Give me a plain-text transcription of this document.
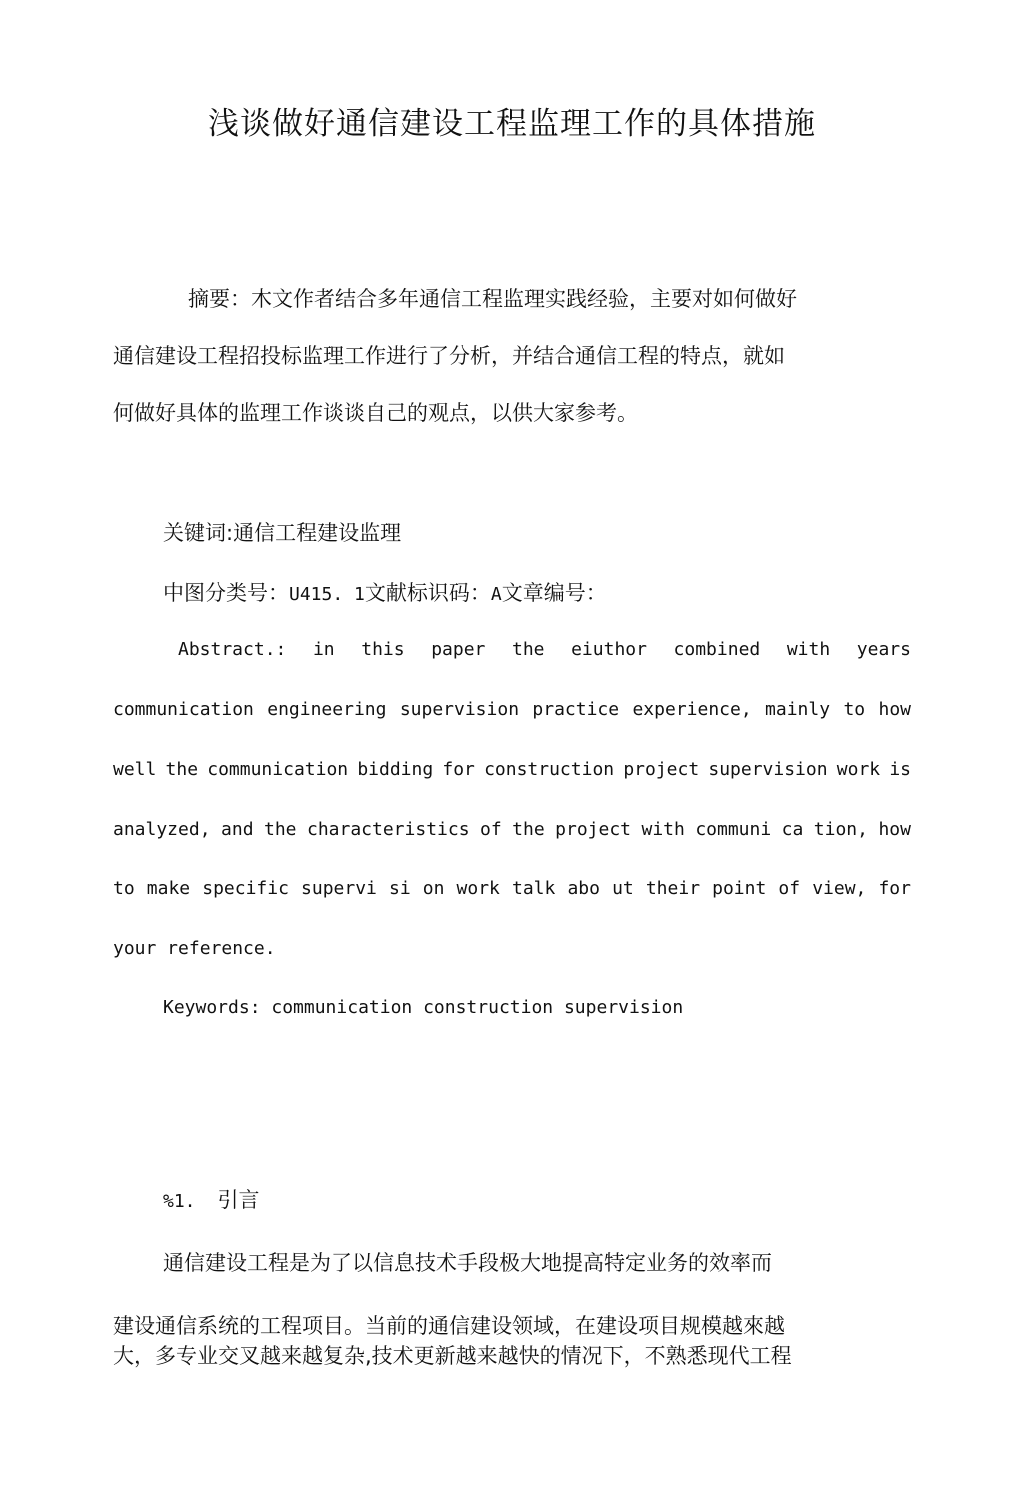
浅谈做好通信建设工程监理工作的具体措施
摘要：木文作者结合多年通信工程监理实践经验，主要对如何做好
通信建设工程招投标监理工作进行了分析，并结合通信工程的特点，就如
何做好具体的监理工作谈谈自己的观点，以供大家参考。
关键词:通信工程建设监理
中图分类号：U415. 1文献标识码：A文章编号：
Abstract.: in this paper the eiuthor combined with years
communication engineering supervision practice experience, mainly to how
well the communication bidding for construction project supervision work is
analyzed, and the characteristics of the project with communi ca tion, how
to make specific supervi si on work talk abo ut their point of view, for
your reference.
Keywords: communication construction supervision
%1. 引言
通信建设工程是为了以信息技术手段极大地提高特定业务的效率而
建设通信系统的工程项目。当前的通信建设领域，在建设项目规模越來越
大，多专业交叉越来越复杂,技术更新越来越快的情况下，不熟悉现代工程
